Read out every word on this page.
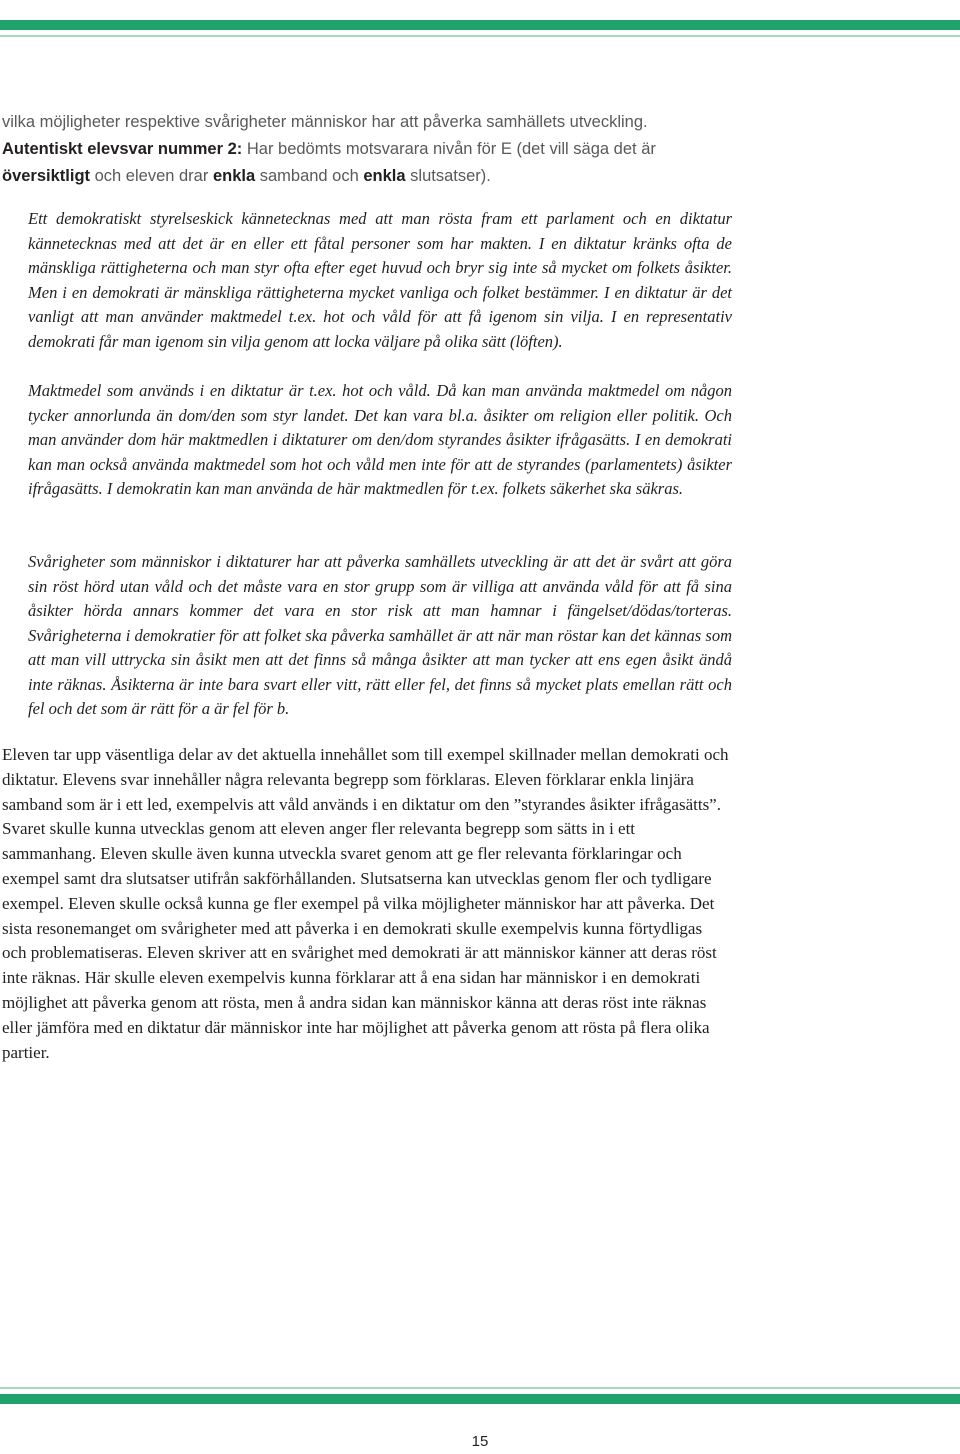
vilka möjligheter respektive svårigheter människor har att påverka samhällets utveckling.

Autentiskt elevsvar nummer 2: Har bedömts motsvarara nivån för E (det vill säga det är översiktligt och eleven drar enkla samband och enkla slutsatser).

Ett demokratiskt styrelseskick kännetecknas med att man rösta fram ett parlament och en diktatur kännetecknas med att det är en eller ett fåtal personer som har makten. I en diktatur kränks ofta de mänskliga rättigheterna och man styr ofta efter eget huvud och bryr sig inte så mycket om folkets åsikter. Men i en demokrati är mänskliga rättigheterna mycket vanliga och folket bestämmer. I en diktatur är det vanligt att man använder maktmedel t.ex. hot och våld för att få igenom sin vilja. I en representativ demokrati får man igenom sin vilja genom att locka väljare på olika sätt (löften).

Maktmedel som används i en diktatur är t.ex. hot och våld. Då kan man använda maktmedel om någon tycker annorlunda än dom/den som styr landet. Det kan vara bl.a. åsikter om religion eller politik. Och man använder dom här maktmedlen i diktaturer om den/dom styrandes åsikter ifrågasätts. I en demokrati kan man också använda maktmedel som hot och våld men inte för att de styrandes (parlamentets) åsikter ifrågasätts. I demokratin kan man använda de här maktmedlen för t.ex. folkets säkerhet ska säkras.

Svårigheter som människor i diktaturer har att påverka samhällets utveckling är att det är svårt att göra sin röst hörd utan våld och det måste vara en stor grupp som är villiga att använda våld för att få sina åsikter hörda annars kommer det vara en stor risk att man hamnar i fängelset/dödas/torteras. Svårigheterna i demokratier för att folket ska påverka samhället är att när man röstar kan det kännas som att man vill uttrycka sin åsikt men att det finns så många åsikter att man tycker att ens egen åsikt ändå inte räknas. Åsikterna är inte bara svart eller vitt, rätt eller fel, det finns så mycket plats emellan rätt och fel och det som är rätt för a är fel för b.

Eleven tar upp väsentliga delar av det aktuella innehållet som till exempel skillnader mellan demokrati och diktatur. Elevens svar innehåller några relevanta begrepp som förklaras. Eleven förklarar enkla linjära samband som är i ett led, exempelvis att våld används i en diktatur om den ”styrandes åsikter ifrågasätts”. Svaret skulle kunna utvecklas genom att eleven anger fler relevanta begrepp som sätts in i ett sammanhang. Eleven skulle även kunna utveckla svaret genom att ge fler relevanta förklaringar och exempel samt dra slutsatser utifrån sakförhållanden. Slutsatserna kan utvecklas genom fler och tydligare exempel. Eleven skulle också kunna ge fler exempel på vilka möjligheter människor har att påverka. Det sista resonemanget om svårigheter med att påverka i en demokrati skulle exempelvis kunna förtydligas och problematiseras. Eleven skriver att en svårighet med demokrati är att människor känner att deras röst inte räknas. Här skulle eleven exempelvis kunna förklarar att å ena sidan har människor i en demokrati möjlighet att påverka genom att rösta, men å andra sidan kan människor känna att deras röst inte räknas eller jämföra med en diktatur där människor inte har möjlighet att påverka genom att rösta på flera olika partier.

15
